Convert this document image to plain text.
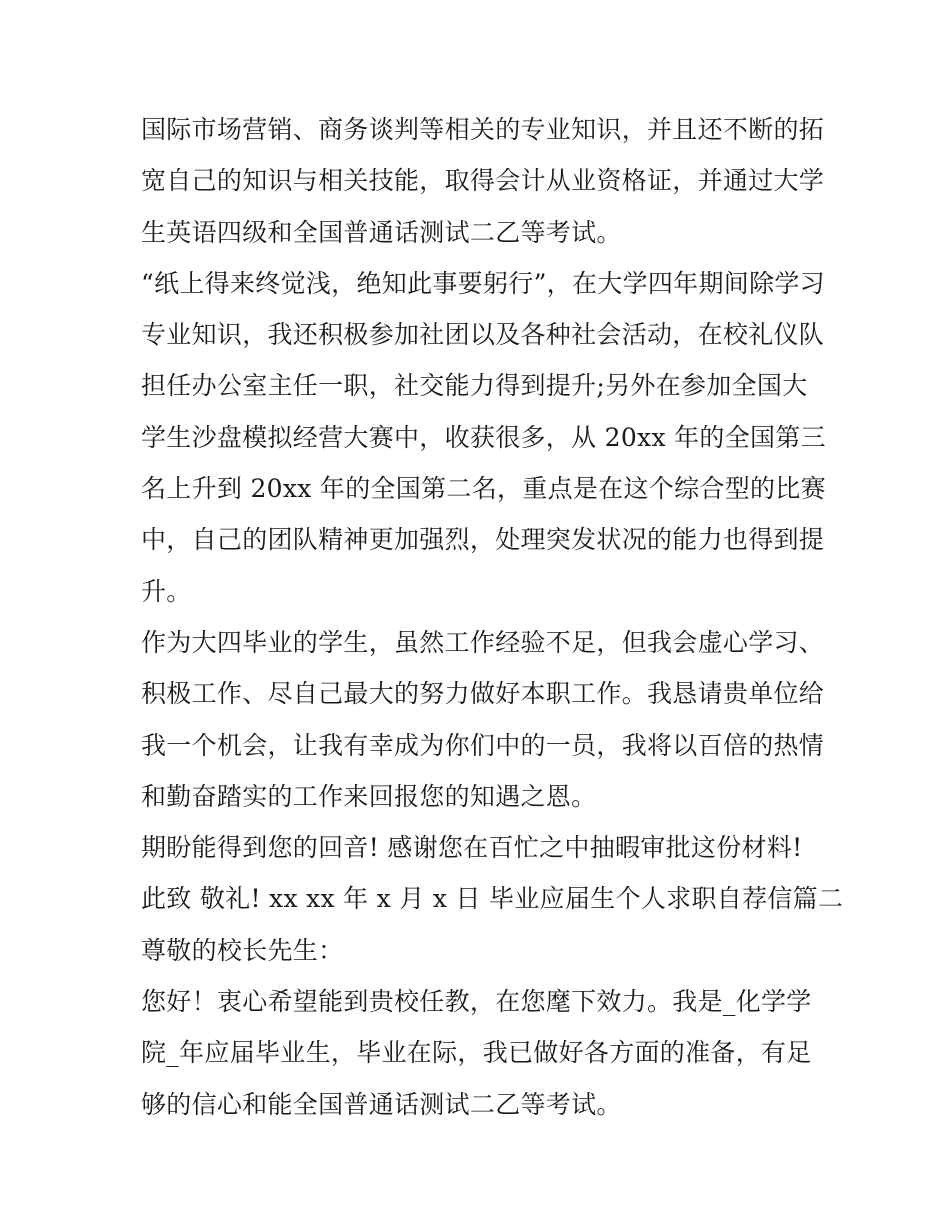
国际市场营销、商务谈判等相关的专业知识，并且还不断的拓
宽自己的知识与相关技能，取得会计从业资格证，并通过大学
生英语四级和全国普通话测试二乙等考试。
“纸上得来终觉浅，绝知此事要躬行”，在大学四年期间除学习
专业知识，我还积极参加社团以及各种社会活动，在校礼仪队
担任办公室主任一职，社交能力得到提升;另外在参加全国大
学生沙盘模拟经营大赛中，收获很多，从 20xx 年的全国第三
名上升到 20xx 年的全国第二名，重点是在这个综合型的比赛
中，自己的团队精神更加强烈，处理突发状况的能力也得到提
升。
作为大四毕业的学生，虽然工作经验不足，但我会虚心学习、
积极工作、尽自己最大的努力做好本职工作。我恳请贵单位给
我一个机会，让我有幸成为你们中的一员，我将以百倍的热情
和勤奋踏实的工作来回报您的知遇之恩。
期盼能得到您的回音! 感谢您在百忙之中抽暇审批这份材料!
此致 敬礼! xx xx 年 x 月 x 日 毕业应届生个人求职自荐信篇二
尊敬的校长先生：
您好！衷心希望能到贵校任教，在您麾下效力。我是_化学学
院_年应届毕业生，毕业在际，我已做好各方面的准备，有足
够的信心和能全国普通话测试二乙等考试。
